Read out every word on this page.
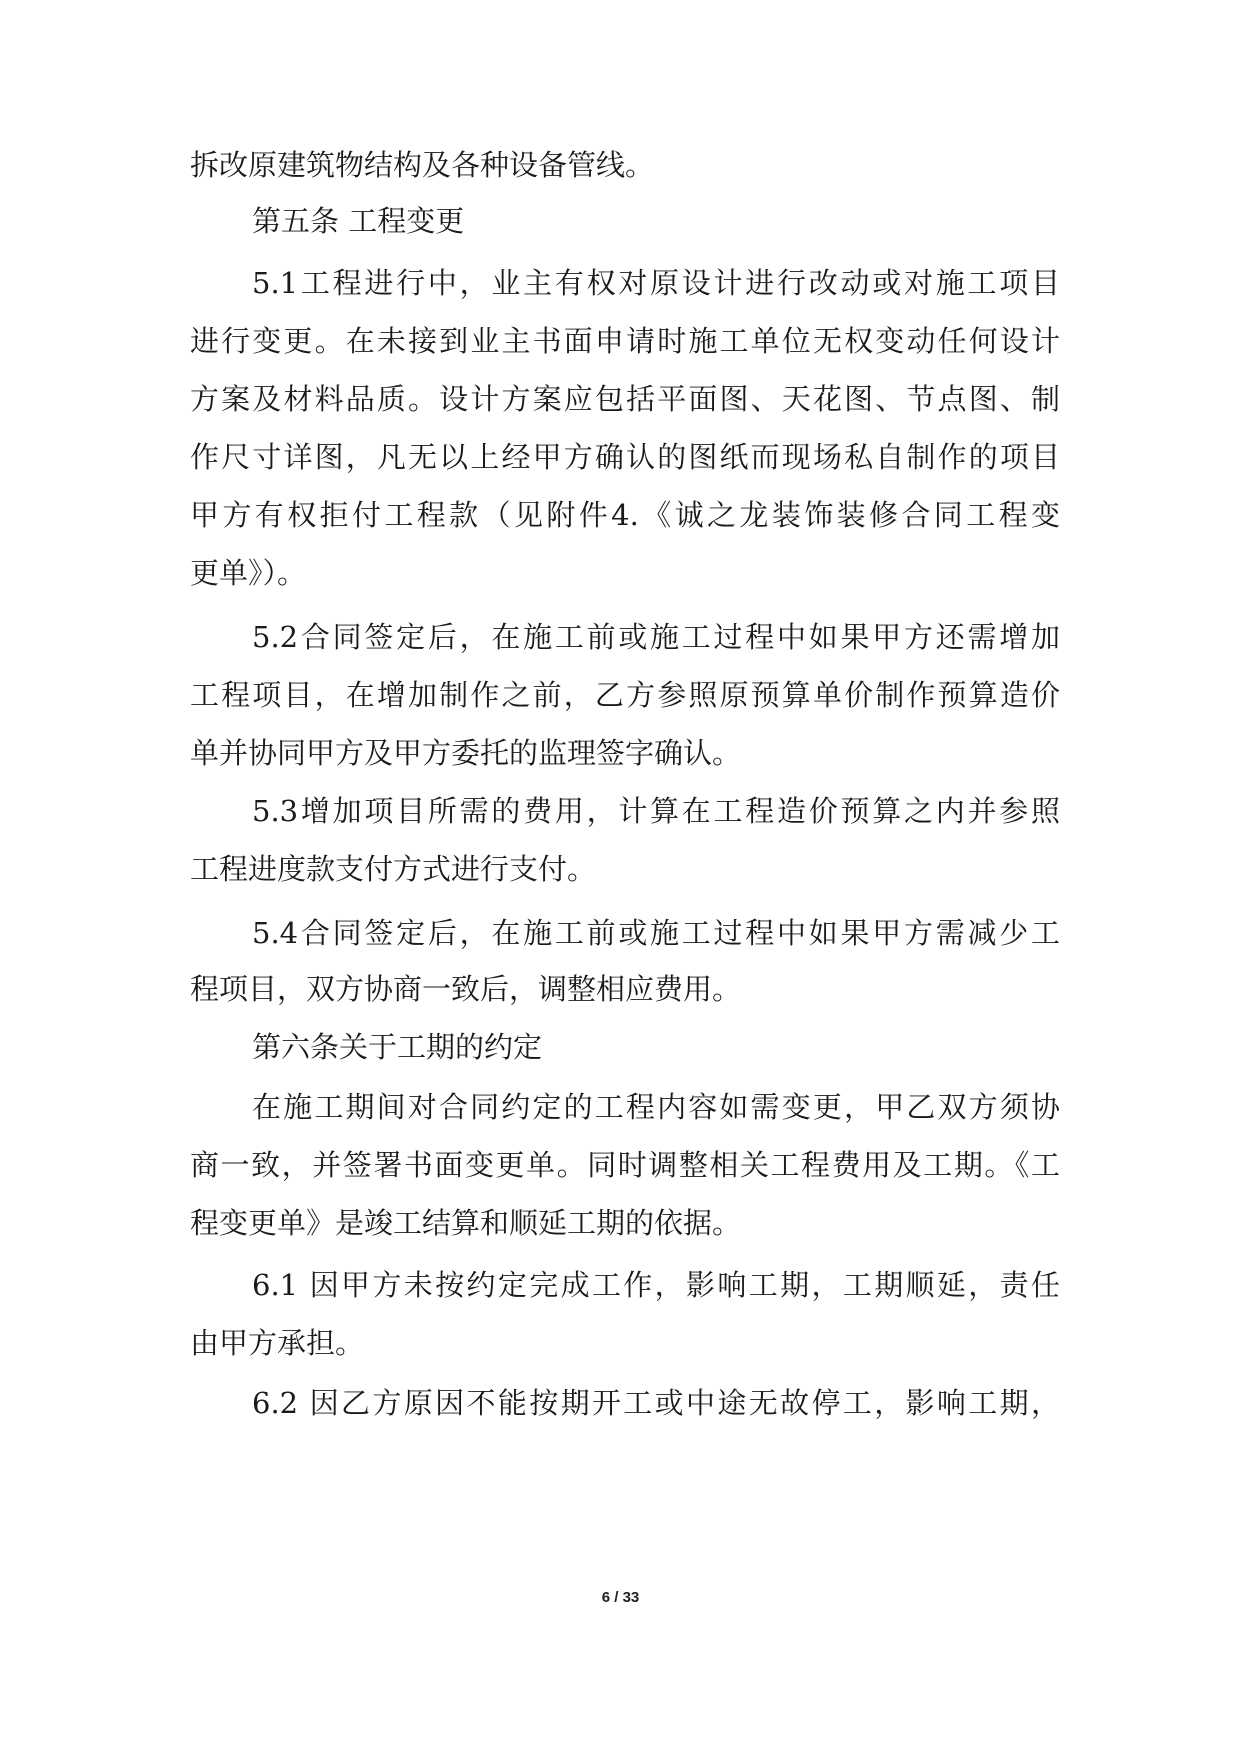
拆改原建筑物结构及各种设备管线。
第五条 工程变更
5.1工程进行中，业主有权对原设计进行改动或对施工项目
进行变更。在未接到业主书面申请时施工单位无权变动任何设计
方案及材料品质。设计方案应包括平面图、天花图、节点图、制
作尺寸详图，凡无以上经甲方确认的图纸而现场私自制作的项目
甲方有权拒付工程款（见附件4.《诚之龙装饰装修合同工程变
更单》）。
5.2合同签定后，在施工前或施工过程中如果甲方还需增加
工程项目，在增加制作之前，乙方参照原预算单价制作预算造价
单并协同甲方及甲方委托的监理签字确认。
5.3增加项目所需的费用，计算在工程造价预算之内并参照
工程进度款支付方式进行支付。
5.4合同签定后，在施工前或施工过程中如果甲方需减少工
程项目，双方协商一致后，调整相应费用。
第六条关于工期的约定
在施工期间对合同约定的工程内容如需变更，甲乙双方须协
商一致，并签署书面变更单。同时调整相关工程费用及工期。《工
程变更单》是竣工结算和顺延工期的依据。
6.1 因甲方未按约定完成工作，影响工期，工期顺延，责任
由甲方承担。
6.2 因乙方原因不能按期开工或中途无故停工，影响工期，
6 / 33
